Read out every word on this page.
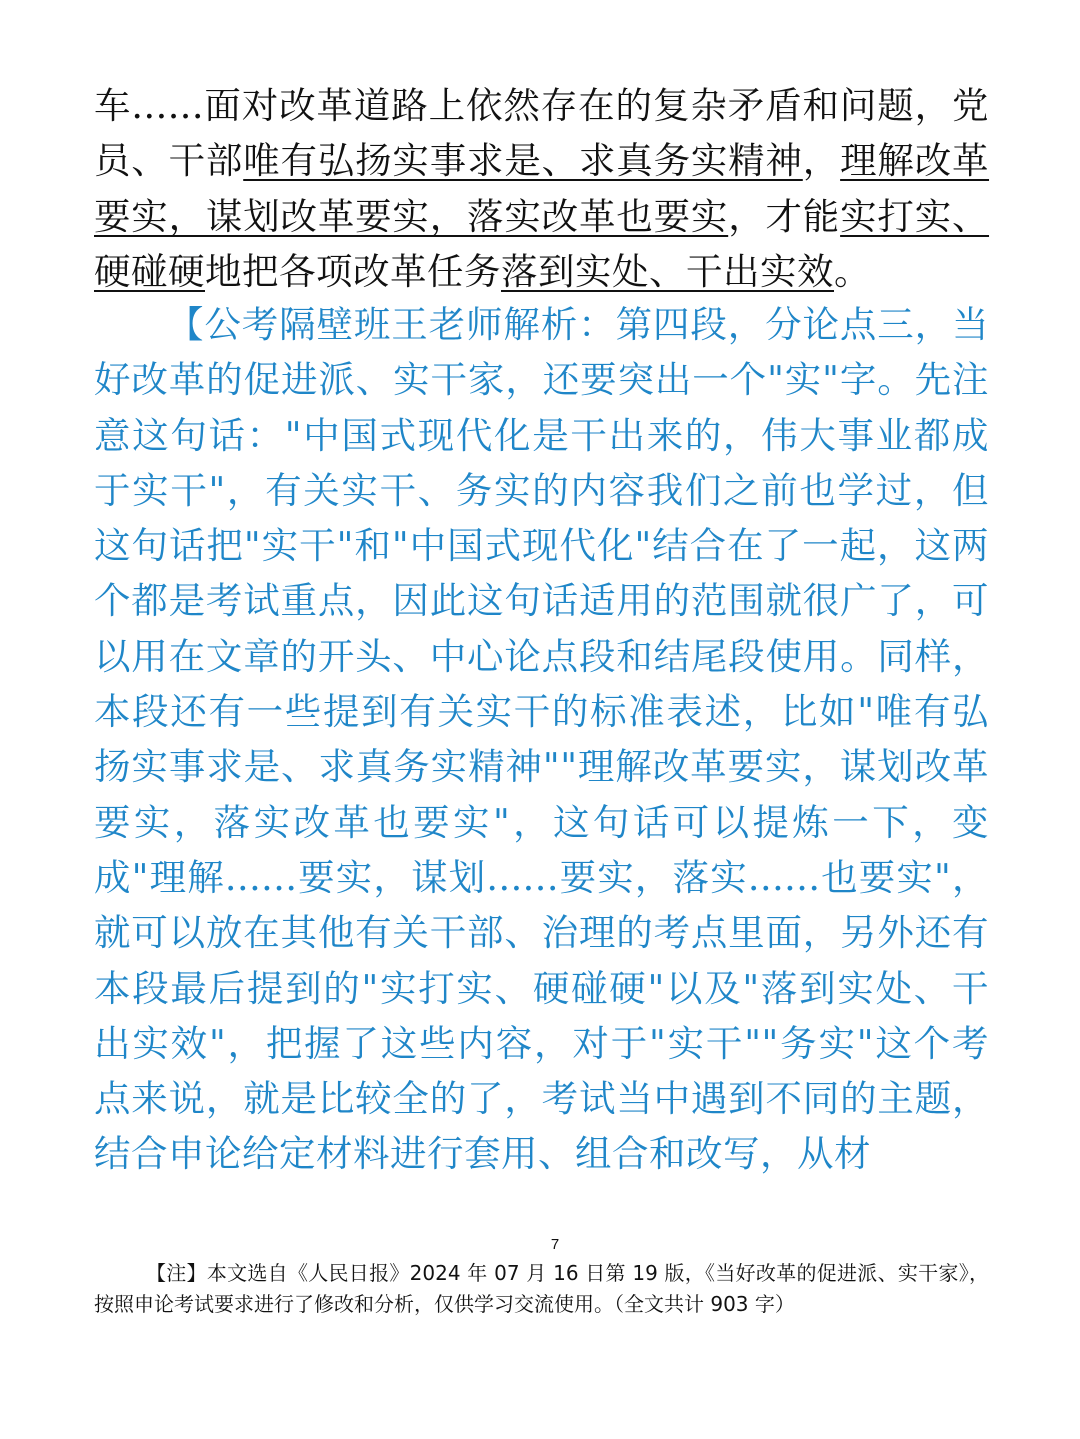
车......面对改革道路上依然存在的复杂矛盾和问题，党员、干部唯有弘扬实事求是、求真务实精神，理解改革要实，谋划改革要实，落实改革也要实，才能实打实、硬碰硬地把各项改革任务落到实处、干出实效。

【公考隔壁班王老师解析：第四段，分论点三，当好改革的促进派、实干家，还要突出一个"实"字。先注意这句话："中国式现代化是干出来的，伟大事业都成于实干"，有关实干、务实的内容我们之前也学过，但这句话把"实干"和"中国式现代化"结合在了一起，这两个都是考试重点，因此这句话适用的范围就很广了，可以用在文章的开头、中心论点段和结尾段使用。同样，本段还有一些提到有关实干的标准表述，比如"唯有弘扬实事求是、求真务实精神""理解改革要实，谋划改革要实，落实改革也要实"，这句话可以提炼一下，变成"理解......要实，谋划......要实，落实......也要实"，就可以放在其他有关干部、治理的考点里面，另外还有本段最后提到的"实打实、硬碰硬"以及"落到实处、干出实效"，把握了这些内容，对于"实干""务实"这个考点来说，就是比较全的了，考试当中遇到不同的主题，结合申论给定材料进行套用、组合和改写，从材

7

【注】本文选自《人民日报》2024 年 07 月 16 日第 19 版，《当好改革的促进派、实干家》，按照申论考试要求进行了修改和分析，仅供学习交流使用。（全文共计 903 字）
